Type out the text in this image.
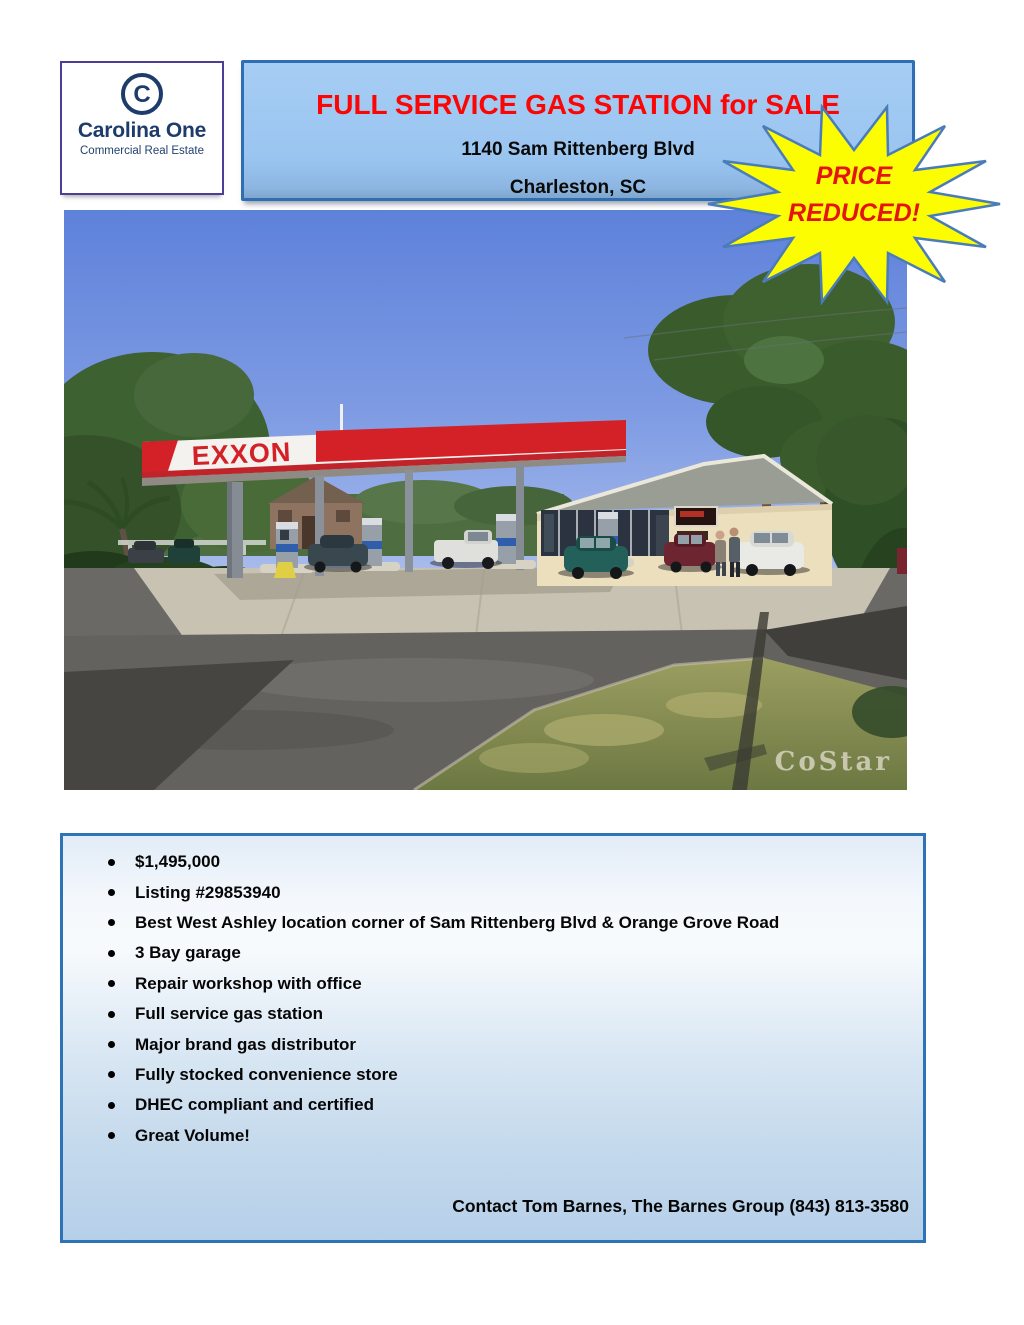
C
Carolina One
Commercial Real Estate
FULL SERVICE GAS STATION for SALE
1140 Sam Rittenberg Blvd
Charleston, SC
EXXON
CoStar
PRICE
REDUCED!
$1,495,000
Listing #29853940
Best West Ashley location corner of Sam Rittenberg Blvd & Orange Grove Road
3 Bay garage
Repair workshop with office
Full service gas station
Major brand gas distributor
Fully stocked convenience store
DHEC compliant and certified
Great Volume!
Contact Tom Barnes, The Barnes Group (843) 813-3580
